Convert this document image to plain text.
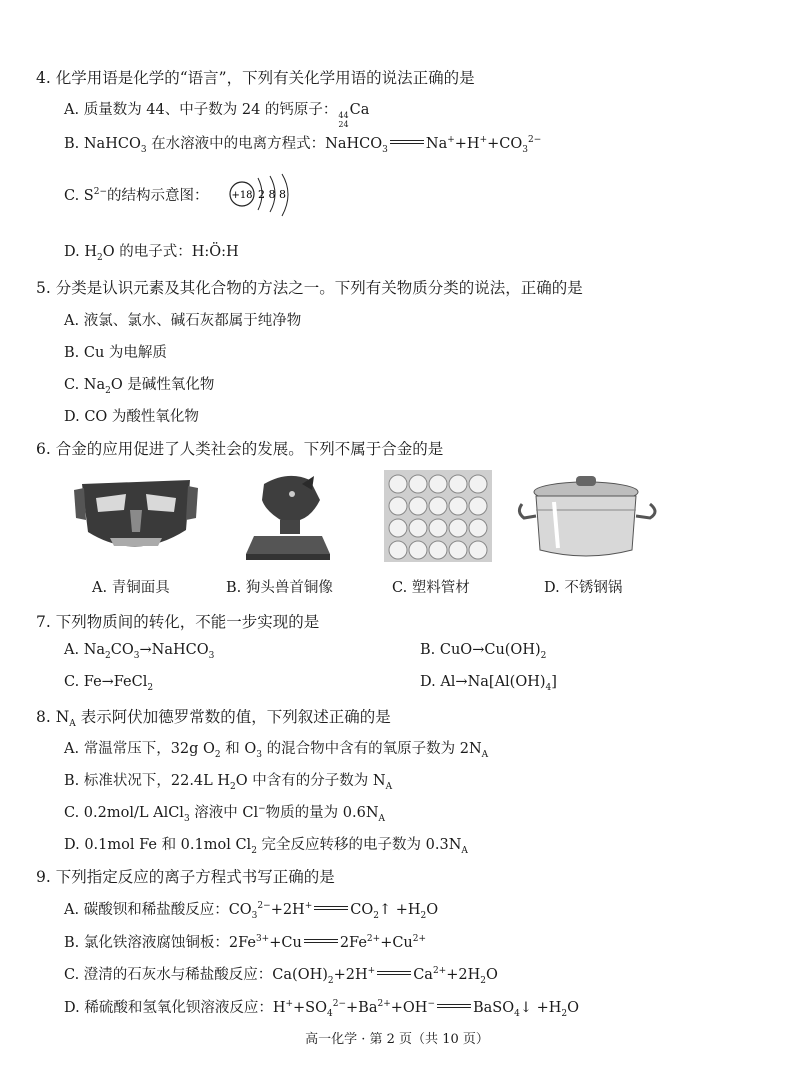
4. 化学用语是化学的“语言”，下列有关化学用语的说法正确的是
A. 质量数为 44、中子数为 24 的钙原子： 44
24
Ca
B. NaHCO$_3$ 在水溶液中的电离方程式：NaHCO$_3$	$Na^++H^++CO_3^{2-}$
C. $S^{2-}$的结构示意图： +18 2 8 8
D. $H_2O$ 的电子式：H:Ö:H
5. 分类是认识元素及其化合物的方法之一。下列有关物质分类的说法，正确的是
A. 液氯、氯水、碱石灰都属于纯净物
B. Cu 为电解质
C. $Na_2O$ 是碱性氧化物
D. CO 为酸性氧化物
6. 合金的应用促进了人类社会的发展。下列不属于合金的是
A. 青铜面具	B. 狗头兽首铜像	C. 塑料管材	D. 不锈钢锅
7. 下列物质间的转化，不能一步实现的是
A. $Na_2CO_3\to NaHCO_3$	B. $CuO\to Cu(OH)_2$
C. Fe→FeCl$_2$	D. $Al\to Na[Al(OH)_4]$
8. $N_A$ 表示阿伏加德罗常数的值，下列叙述正确的是
A. 常温常压下，32g $O_2$ 和 $O_3$ 的混合物中含有的氧原子数为 $2N_A$
B. 标准状况下，22.4L $H_2O$ 中含有的分子数为 $N_A$
C. 0.2mol/L AlCl$_3$ 溶液中 Cl−物质的量为 $0.6N_A$
D. 0.1mol Fe 和 0.1mol $Cl_2$ 完全反应转移的电子数为 $0.3N_A$
9. 下列指定反应的离子方程式书写正确的是
A. 碳酸钡和稀盐酸反应：$CO_3^{2-}+2H^+$	$CO_2↑ +H_2O$
B. 氯化铁溶液腐蚀铜板：$2Fe^{3+}+Cu$	$2Fe^{2+}+Cu^{2+}$
C. 澄清的石灰水与稀盐酸反应：$Ca(OH)_2+2H^+$	$Ca^{2+}+2H_2O$
D. 稀硫酸和氢氧化钡溶液反应：$H^++SO_4^{2-}+Ba^{2+}+OH^-$	BaSO$_4$↓ $+H_2O$
高一化学 · 第 2 页（共 10 页）
